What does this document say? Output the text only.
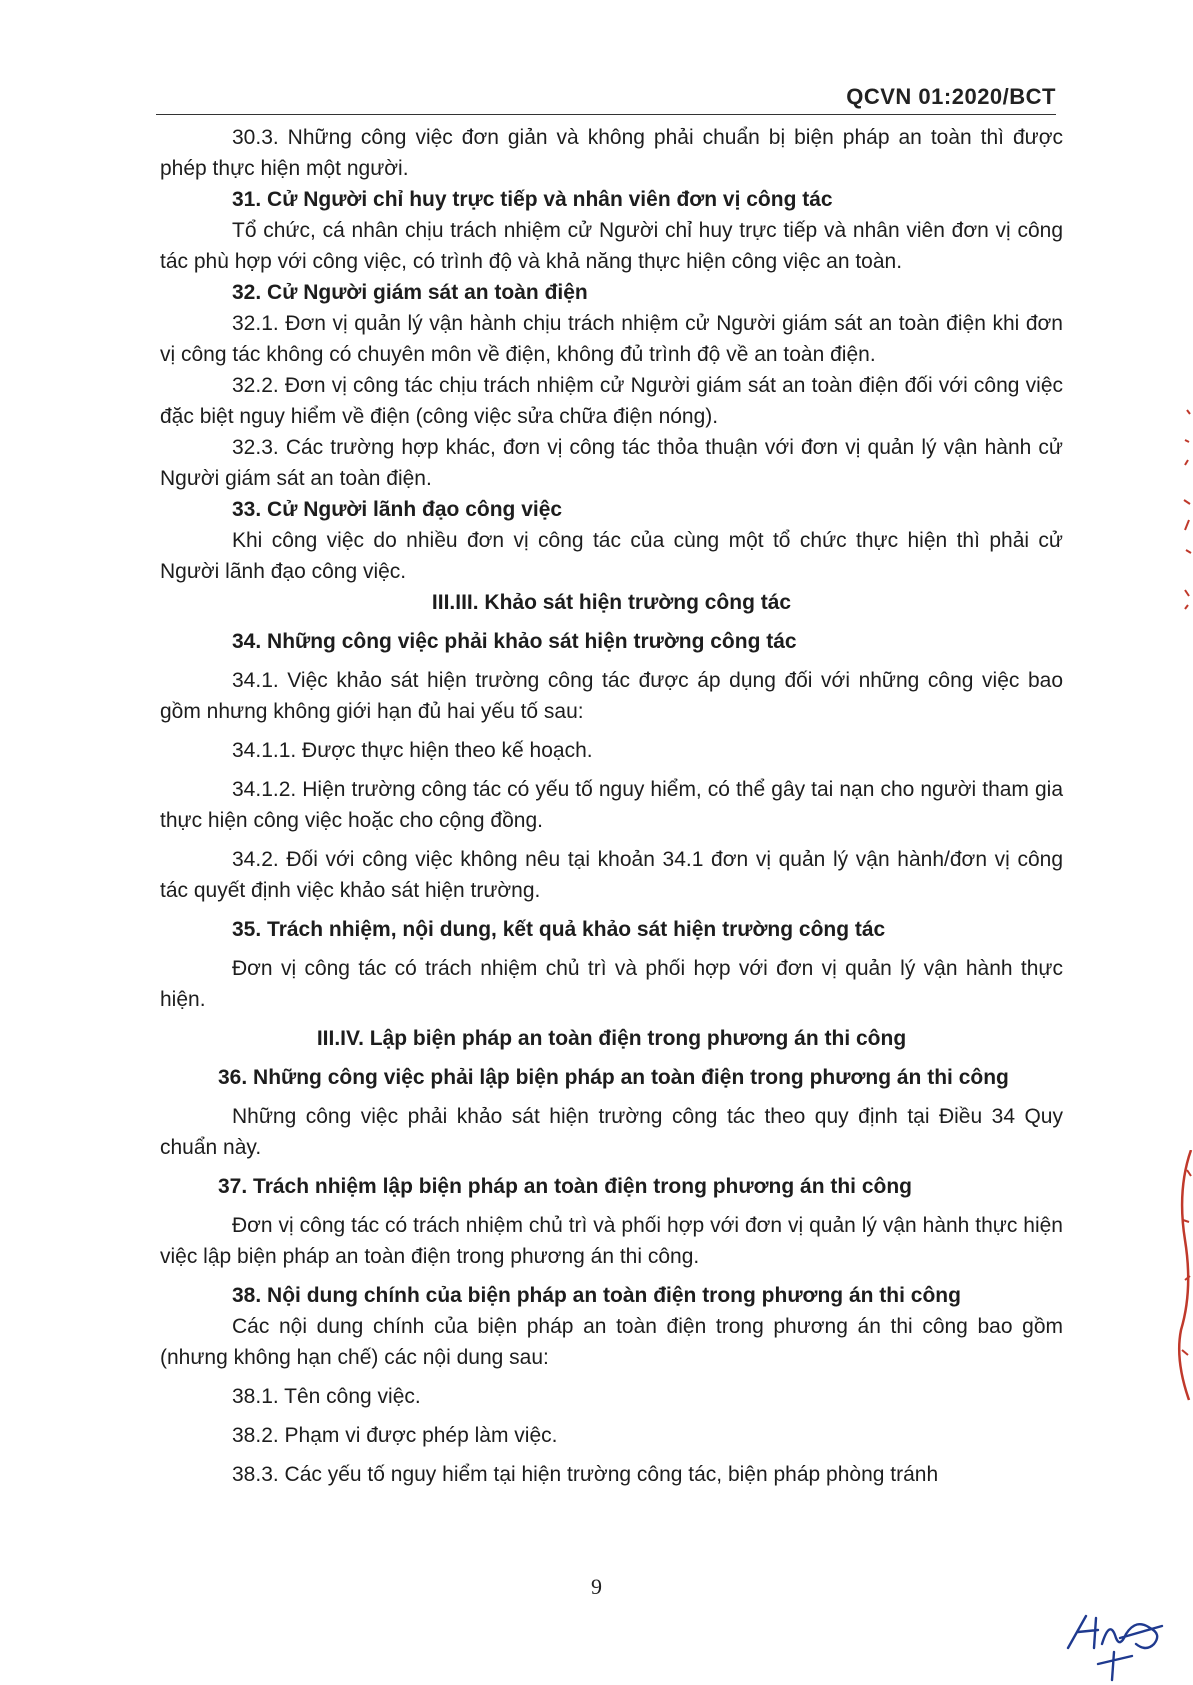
QCVN 01:2020/BCT

30.3. Những công việc đơn giản và không phải chuẩn bị biện pháp an toàn thì được phép thực hiện một người.

31. Cử Người chỉ huy trực tiếp và nhân viên đơn vị công tác

Tổ chức, cá nhân chịu trách nhiệm cử Người chỉ huy trực tiếp và nhân viên đơn vị công tác phù hợp với công việc, có trình độ và khả năng thực hiện công việc an toàn.

32. Cử Người giám sát an toàn điện

32.1. Đơn vị quản lý vận hành chịu trách nhiệm cử Người giám sát an toàn điện khi đơn vị công tác không có chuyên môn về điện, không đủ trình độ về an toàn điện.

32.2. Đơn vị công tác chịu trách nhiệm cử Người giám sát an toàn điện đối với công việc đặc biệt nguy hiểm về điện (công việc sửa chữa điện nóng).

32.3. Các trường hợp khác, đơn vị công tác thỏa thuận với đơn vị quản lý vận hành cử Người giám sát an toàn điện.

33. Cử Người lãnh đạo công việc

Khi công việc do nhiều đơn vị công tác của cùng một tổ chức thực hiện thì phải cử Người lãnh đạo công việc.

III.III. Khảo sát hiện trường công tác

34. Những công việc phải khảo sát hiện trường công tác

34.1. Việc khảo sát hiện trường công tác được áp dụng đối với những công việc bao gồm nhưng không giới hạn đủ hai yếu tố sau:

34.1.1. Được thực hiện theo kế hoạch.

34.1.2. Hiện trường công tác có yếu tố nguy hiểm, có thể gây tai nạn cho người tham gia thực hiện công việc hoặc cho cộng đồng.

34.2. Đối với công việc không nêu tại khoản 34.1 đơn vị quản lý vận hành/đơn vị công tác quyết định việc khảo sát hiện trường.

35. Trách nhiệm, nội dung, kết quả khảo sát hiện trường công tác

Đơn vị công tác có trách nhiệm chủ trì và phối hợp với đơn vị quản lý vận hành thực hiện.

III.IV. Lập biện pháp an toàn điện trong phương án thi công

36. Những công việc phải lập biện pháp an toàn điện trong phương án thi công

Những công việc phải khảo sát hiện trường công tác theo quy định tại Điều 34 Quy chuẩn này.

37. Trách nhiệm lập biện pháp an toàn điện trong phương án thi công

Đơn vị công tác có trách nhiệm chủ trì và phối hợp với đơn vị quản lý vận hành thực hiện việc lập biện pháp an toàn điện trong phương án thi công.

38. Nội dung chính của biện pháp an toàn điện trong phương án thi công

Các nội dung chính của biện pháp an toàn điện trong phương án thi công bao gồm (nhưng không hạn chế) các nội dung sau:

38.1. Tên công việc.

38.2. Phạm vi được phép làm việc.

38.3. Các yếu tố nguy hiểm tại hiện trường công tác, biện pháp phòng tránh

9
